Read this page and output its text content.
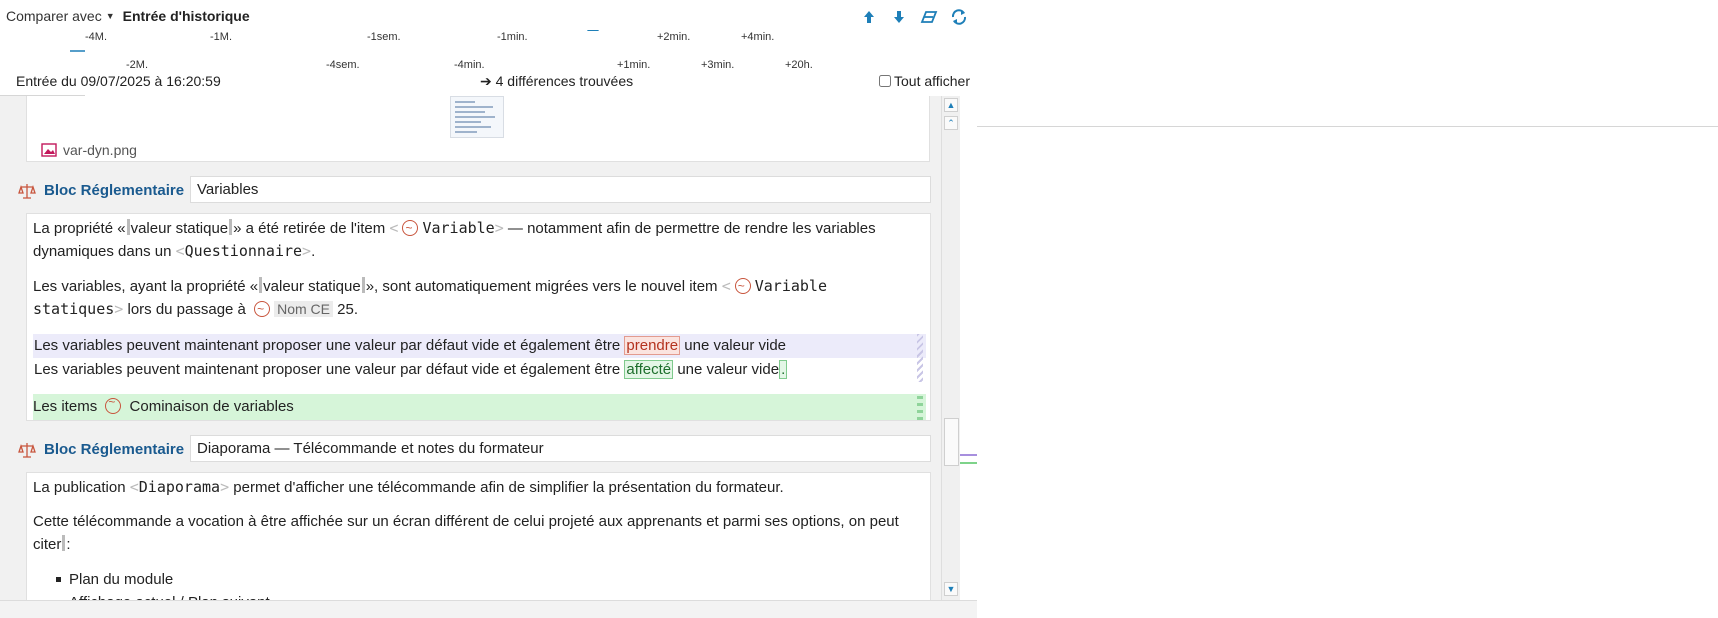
Comparer avec ▼ Entrée d'historique
-4M.	-1M.	-1sem.	-1min.	+2min.	+4min.
-2M.	-4sem.	-4min.	+1min.	+3min.	+20h.
Entrée du 09/07/2025 à 16:20:59	➔ 4 différences trouvées	Tout afficher
var-dyn.png
Bloc Réglementaire Variables
La propriété « valeur statique » a été retirée de l'item < ~ Variable> — notamment afin de permettre de rendre les variables dynamiques dans un <Questionnaire>.
Les variables, ayant la propriété « valeur statique », sont automatiquement migrées vers le nouvel item < ~ Variable
statiques> lors du passage à ~ Nom CE 25.
Les variables peuvent maintenant proposer une valeur par défaut vide et également être prendre une valeur vide
Les variables peuvent maintenant proposer une valeur par défaut vide et également être affecté une valeur vide .
Les items ~ Cominaison de variables
Bloc Réglementaire Diaporama — Télécommande et notes du formateur
La publication <Diaporama> permet d'afficher une télécommande afin de simplifier la présentation du formateur.
Cette télécommande a vocation à être affichée sur un écran différent de celui projeté aux apprenants et parmi ses options, on peut citer :
Plan du module
▲
⌃
▼
